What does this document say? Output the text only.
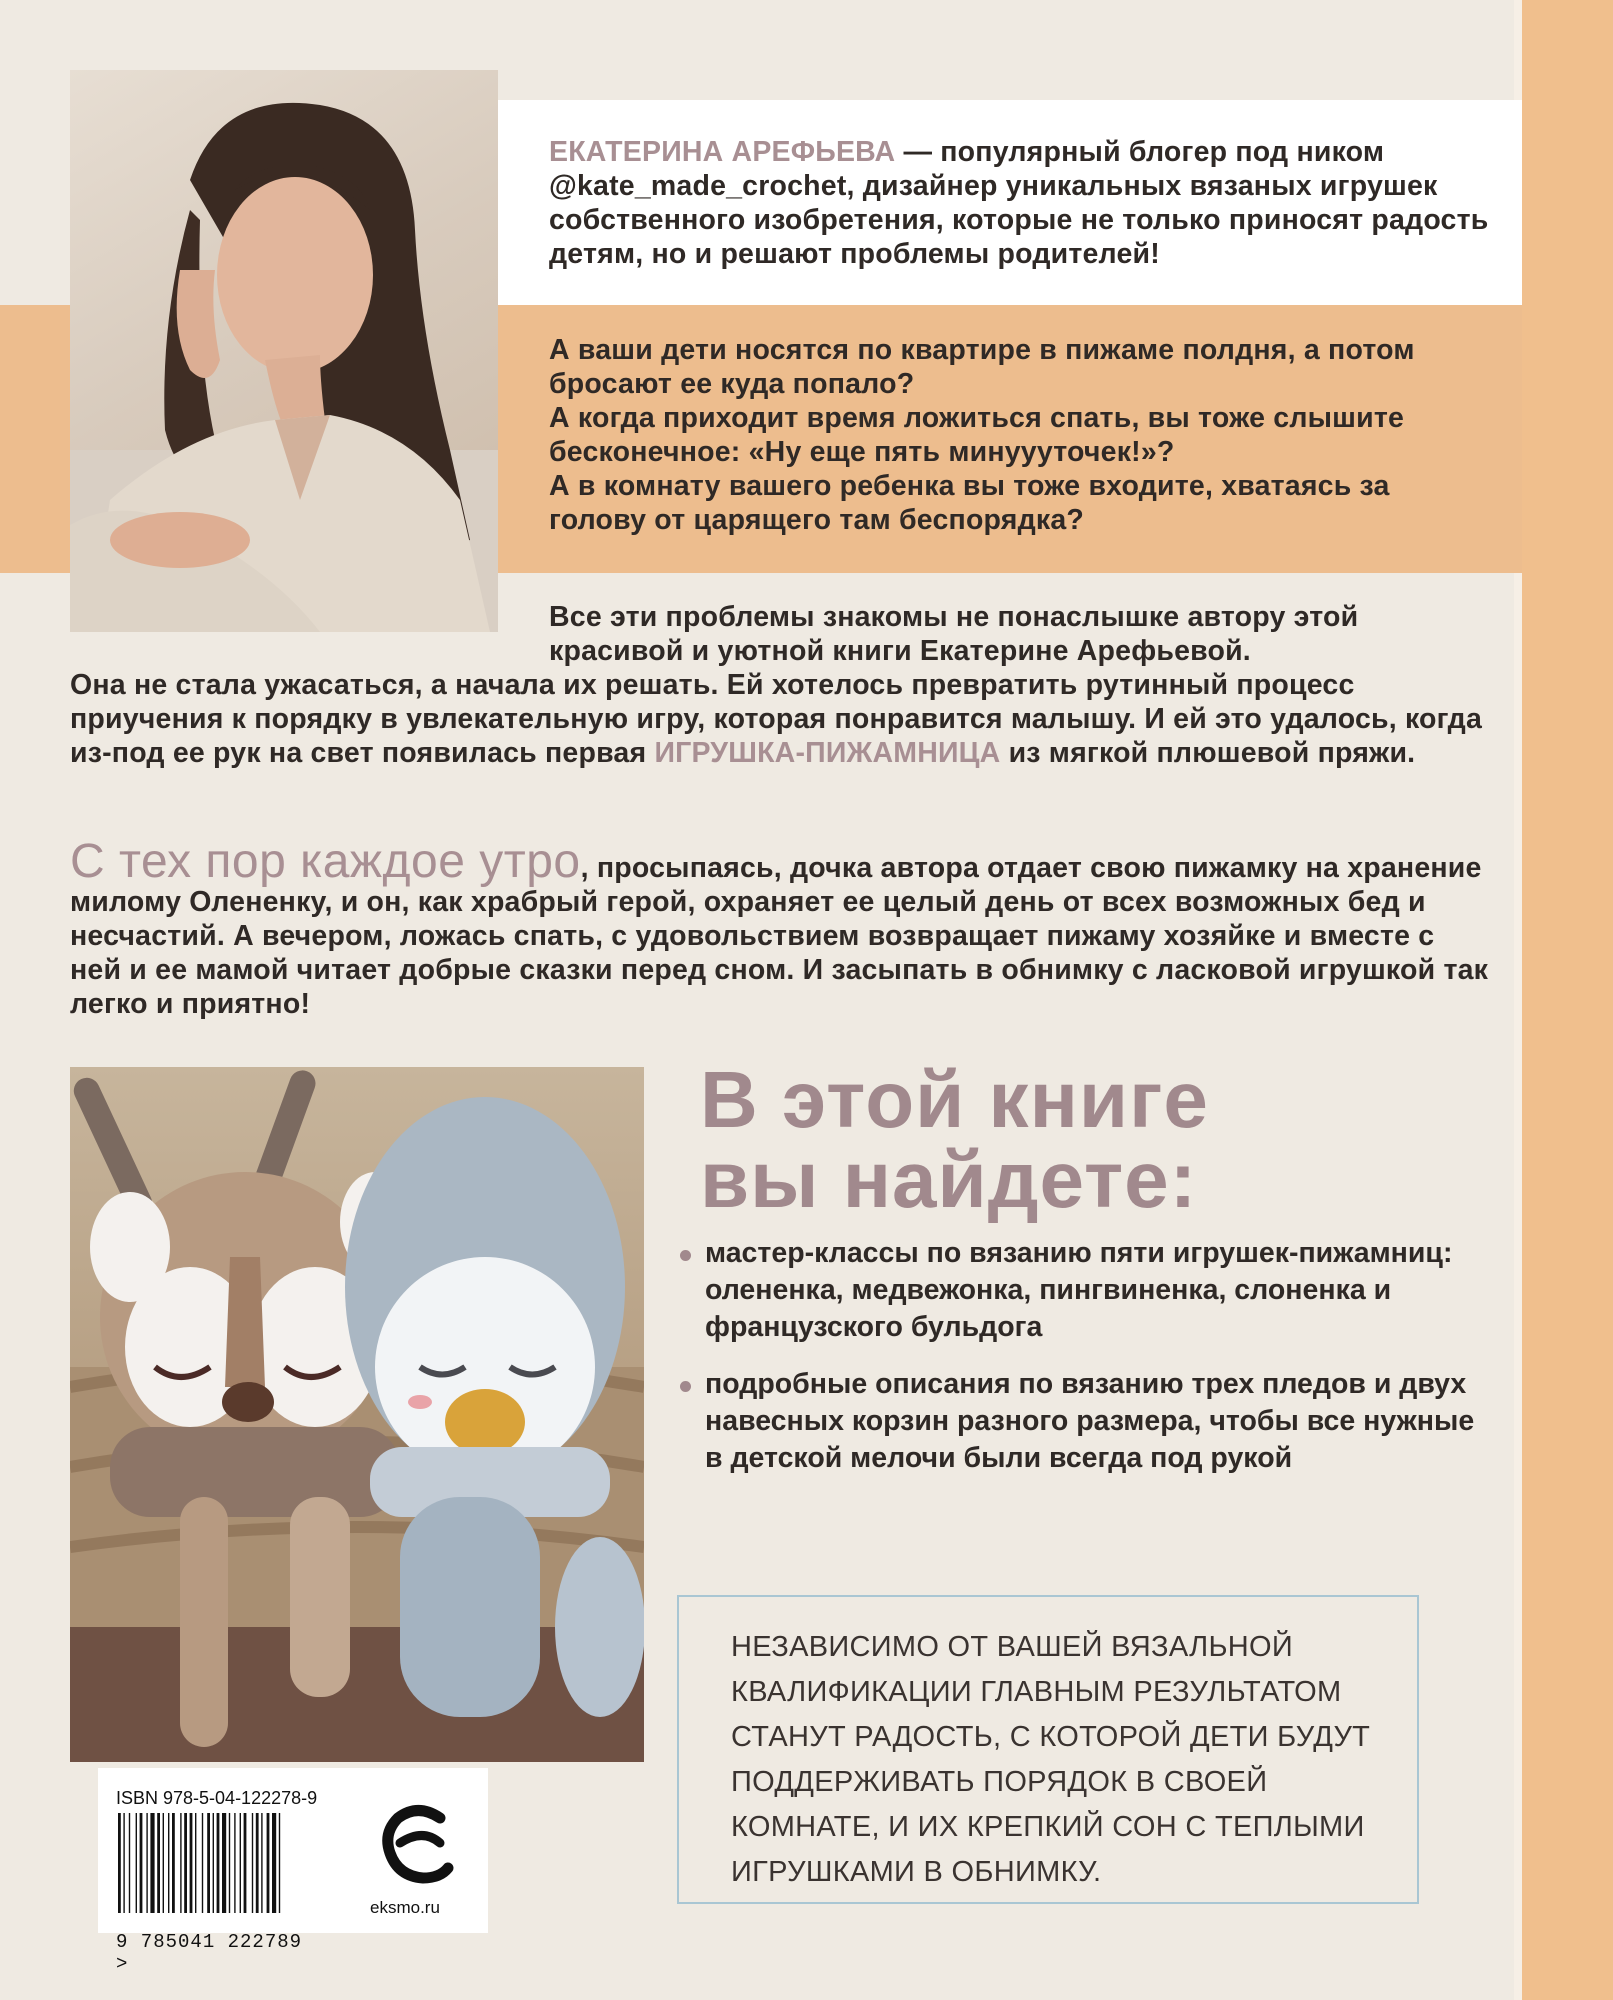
ЕКАТЕРИНА АРЕФЬЕВА — популярный блогер под ником @kate_made_crochet, дизайнер уникальных вязаных игрушек собственного изобретения, которые не только приносят радость детям, но и решают проблемы родителей!

А ваши дети носятся по квартире в пижаме полдня, а потом бросают ее куда попало?

А когда приходит время ложиться спать, вы тоже слышите бесконечное: «Ну еще пять минуууточек!»?

А в комнату вашего ребенка вы тоже входите, хватаясь за голову от царящего там беспорядка?

Все эти проблемы знакомы не понаслышке автору этой
красивой и уютной книги Екатерине Арефьевой.
Она не стала ужасаться, а начала их решать. Ей хотелось превратить рутинный процесс приучения к порядку в увлекательную игру, которая понравится малышу. И ей это удалось, когда из-под ее рук на свет появилась первая ИГРУШКА-ПИЖАМНИЦА из мягкой плюшевой пряжи.
С тех пор каждое утро, просыпаясь, дочка автора отдает свою пижамку на хранение милому Олененку, и он, как храбрый герой, охраняет ее целый день от всех возможных бед и несчастий. А вечером, ложась спать, с удовольствием возвращает пижаму хозяйке и вместе с ней и ее мамой читает добрые сказки перед сном. И засыпать в обнимку с ласковой игрушкой так легко и приятно!
В этой книге
вы найдете:
мастер-классы по вязанию пяти игрушек-пижамниц: олененка, медвежонка, пингвиненка, слоненка и французского бульдога
подробные описания по вязанию трех пледов и двух навесных корзин разного размера, чтобы все нужные в детской мелочи были всегда под рукой
НЕЗАВИСИМО ОТ ВАШЕЙ ВЯЗАЛЬНОЙ КВАЛИФИКАЦИИ ГЛАВНЫМ РЕЗУЛЬТАТОМ СТАНУТ РАДОСТЬ, С КОТОРОЙ ДЕТИ БУДУТ ПОДДЕРЖИВАТЬ ПОРЯДОК В СВОЕЙ КОМНАТЕ, И ИХ КРЕПКИЙ СОН С ТЕПЛЫМИ ИГРУШКАМИ В ОБНИМКУ.
ISBN 978-5-04-122278-9
9 785041 222789 >
eksmo.ru
